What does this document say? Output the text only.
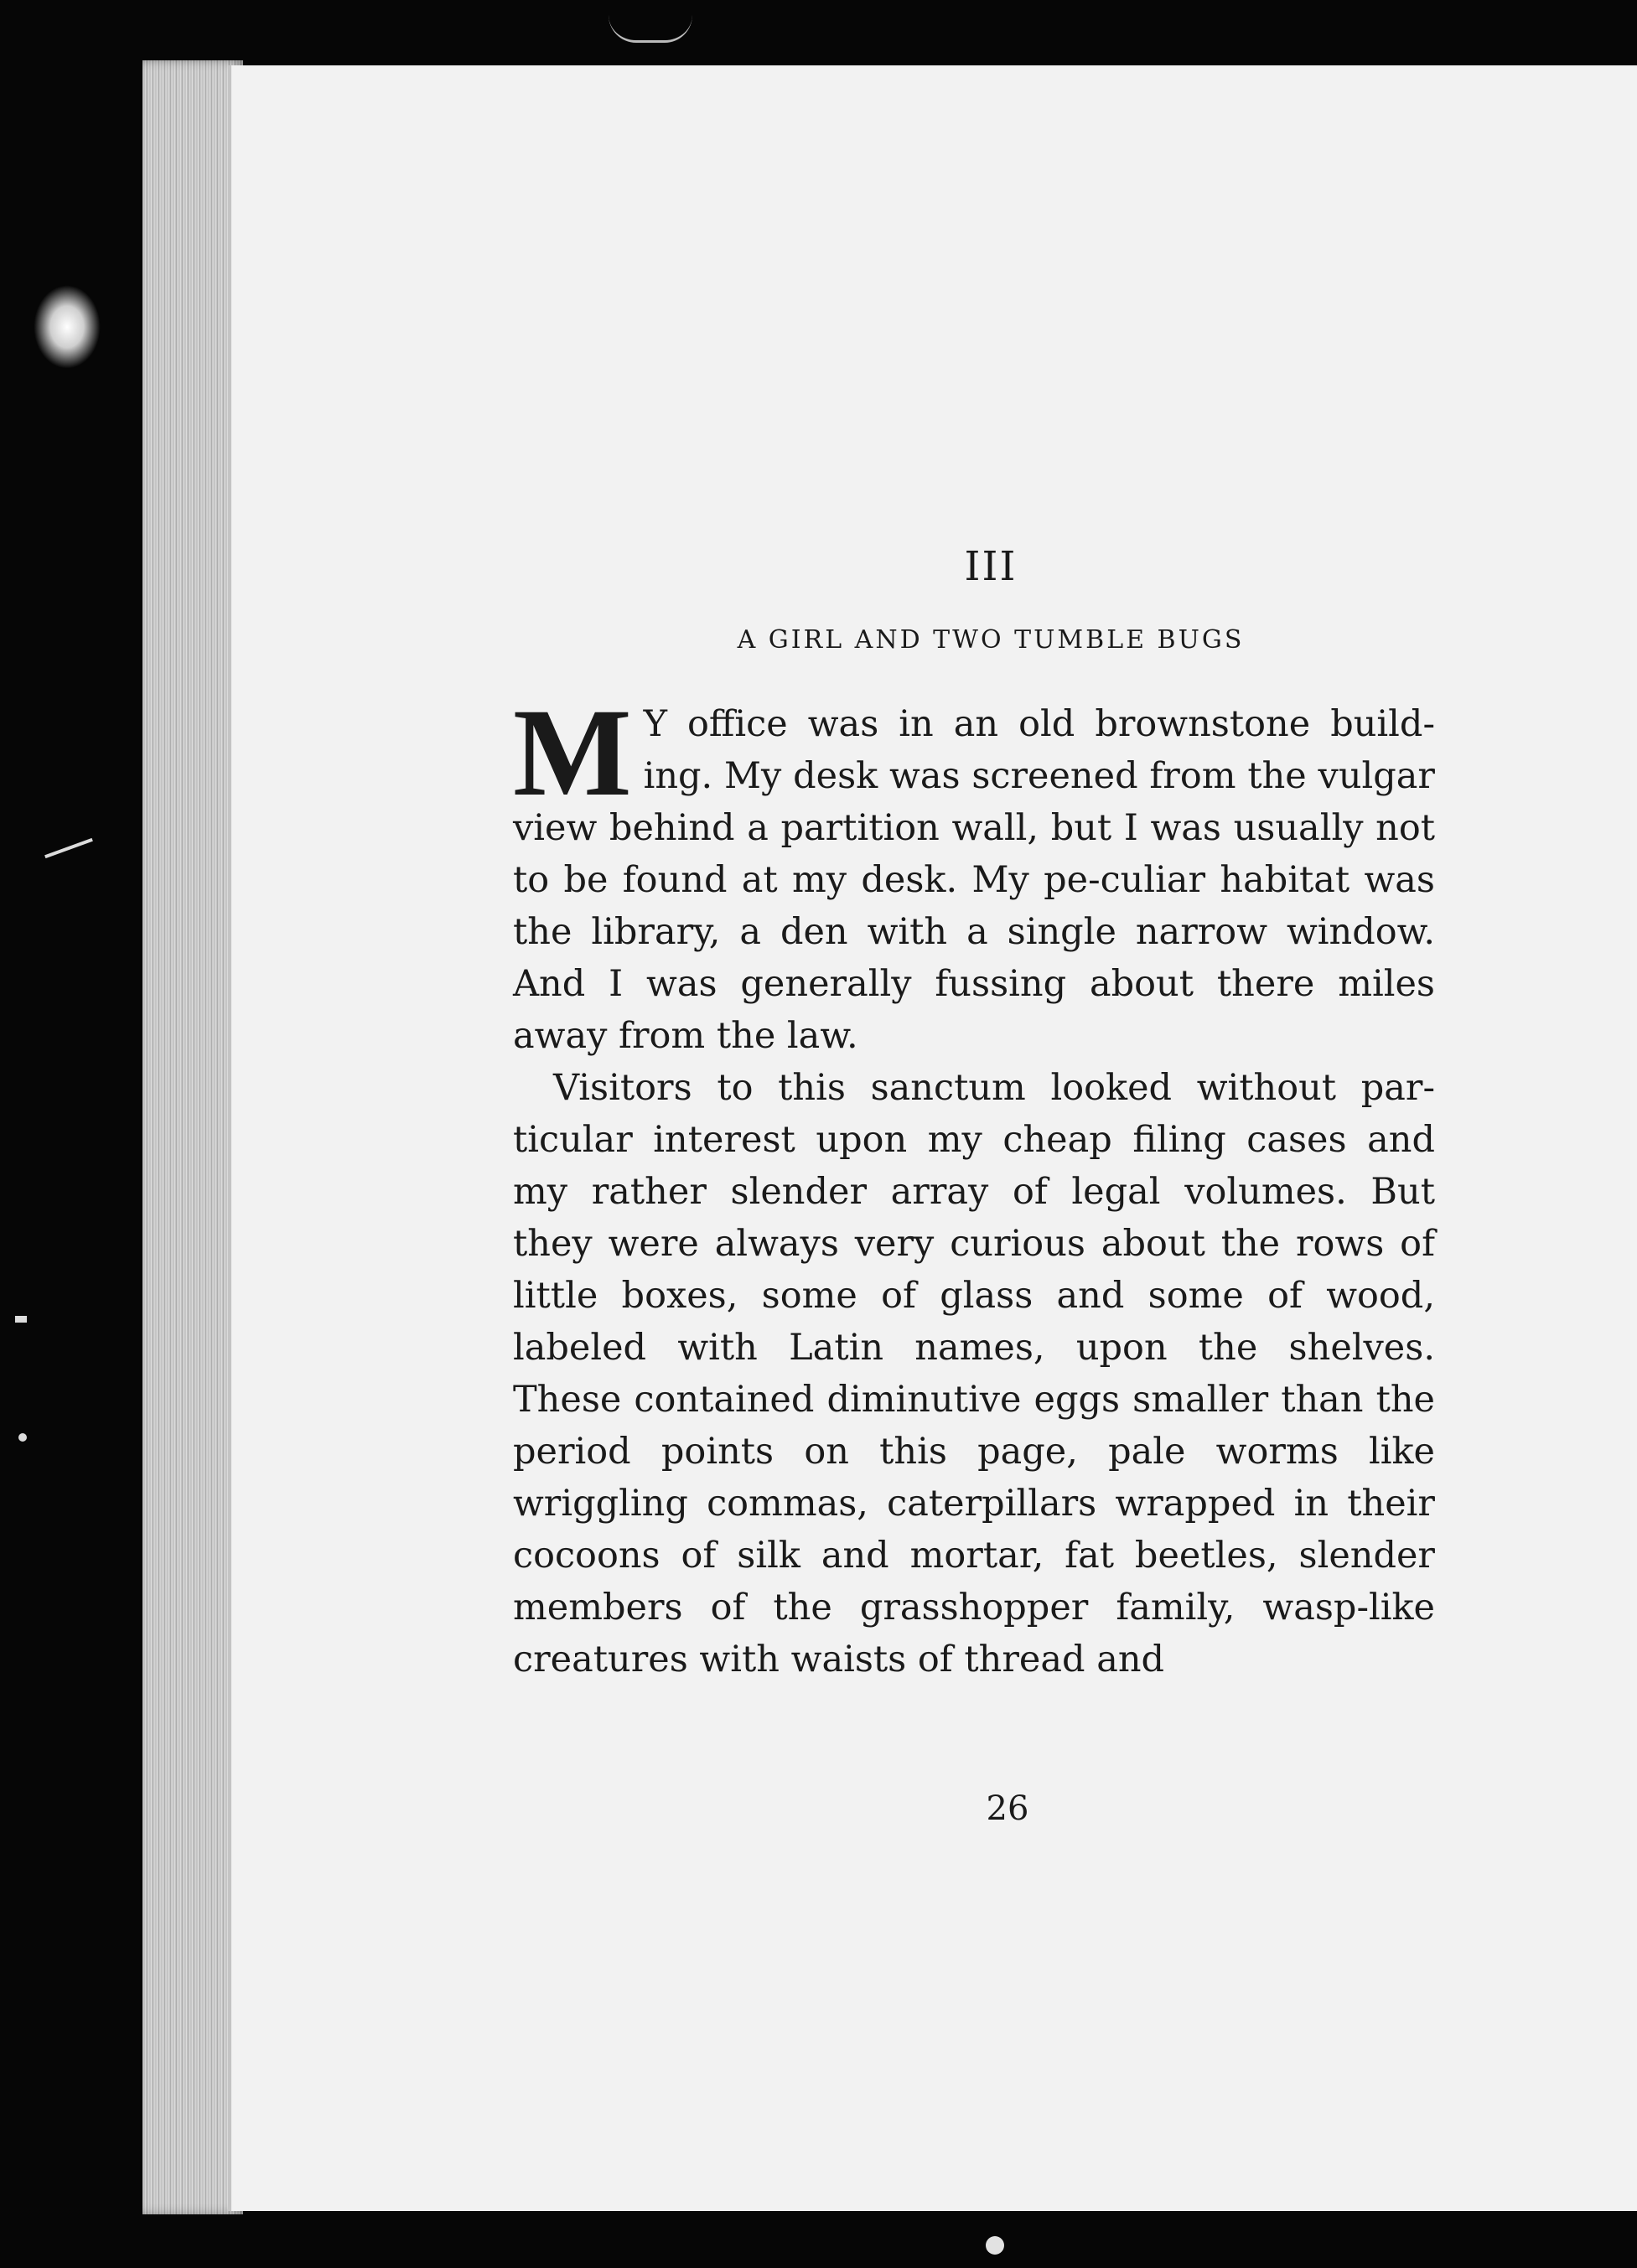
III
A GIRL AND TWO TUMBLE BUGS

M Y office was in an old brownstone build-ing. My desk was screened from the vulgar view behind a partition wall, but I was usually not to be found at my desk. My pe-culiar habitat was the library, a den with a single narrow window. And I was generally fussing about there miles away from the law.

Visitors to this sanctum looked without par-ticular interest upon my cheap filing cases and my rather slender array of legal volumes. But they were always very curious about the rows of little boxes, some of glass and some of wood, labeled with Latin names, upon the shelves. These contained diminutive eggs smaller than the period points on this page, pale worms like wriggling commas, caterpillars wrapped in their cocoons of silk and mortar, fat beetles, slender members of the grasshopper family, wasp-like creatures with waists of thread and

26
